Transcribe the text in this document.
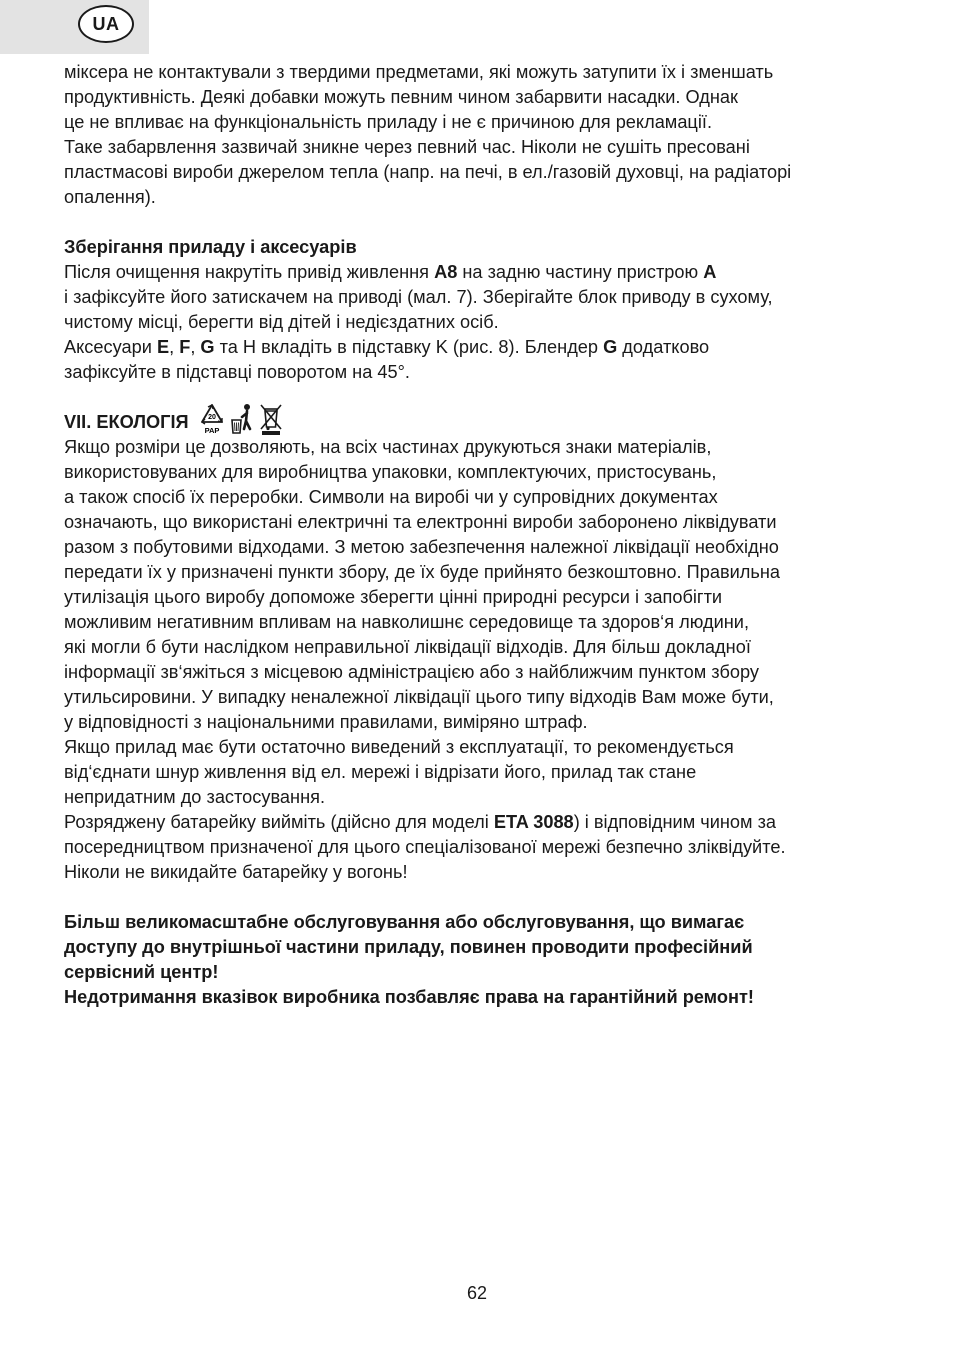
UA

міксера не контактували з твердими предметами, які можуть затупити їх і зменшать

продуктивність. Деякі добавки можуть певним чином забарвити насадки. Однак

це не впливає на функціональність приладу і не є причиною для рекламації.

Таке забарвлення зазвичай зникне через певний час. Ніколи не сушіть пресовані

пластмасові вироби джерелом тепла (напр. на печі, в ел./газовій духовці, на радіаторі

опалення).

Зберігання приладу і аксесуарів

Після очищення накрутіть привід живлення A8 на задню частину пристрою A

і зафіксуйте його затискачем на приводі (мал. 7). Зберігайте блок приводу в сухому,

чистому місці, берегти від дітей і недієздатних осіб.

Аксесуари E, F, G та H вкладіть в підставку K (рис. 8). Блендер G додатково

зафіксуйте в підставці поворотом на 45°.

VII. ЕКОЛОГІЯ	20
PAP

Якщо розміри це дозволяють, на всіх частинах друкуються знаки матеріалів,

використовуваних для виробництва упаковки, комплектуючих, пристосувань,

а також спосіб їх переробки. Символи на виробі чи у супровідних документах

означають, що використані електричні та електронні вироби заборонено ліквідувати

разом з побутовими відходами. З метою забезпечення належної ліквідації необхідно

передати їх у призначені пункти збору, де їх буде прийнято безкоштовно. Правильна

утилізація цього виробу допоможе зберегти цінні природні ресурси і запобігти

можливим негативним впливам на навколишнє середовище та здоров‘я людини,

які могли б бути наслідком неправильної ліквідації відходів. Для більш докладної

інформації зв‘яжіться з місцевою адміністрацією або з найближчим пунктом збору

утильсировини. У випадку неналежної ліквідації цього типу відходів Вам може бути,

у відповідності з національними правилами, виміряно штраф.

Якщо прилад має бути остаточно виведений з експлуатації, то рекомендується

від‘єднати шнур живлення від ел. мережі і відрізати його, прилад так стане

непридатним до застосування.

Розряджену батарейку вийміть (дійсно для моделі ETA 3088) і відповідним чином за

посередництвом призначеної для цього спеціалізованої мережі безпечно зліквідуйте.

Ніколи не викидайте батарейку у вогонь!

Більш великомасштабне обслуговування або обслуговування, що вимагає

доступу до внутрішньої частини приладу, повинен проводити професійний

сервісний центр!

Недотримання вказівок виробника позбавляє права на гарантійний ремонт!

62
